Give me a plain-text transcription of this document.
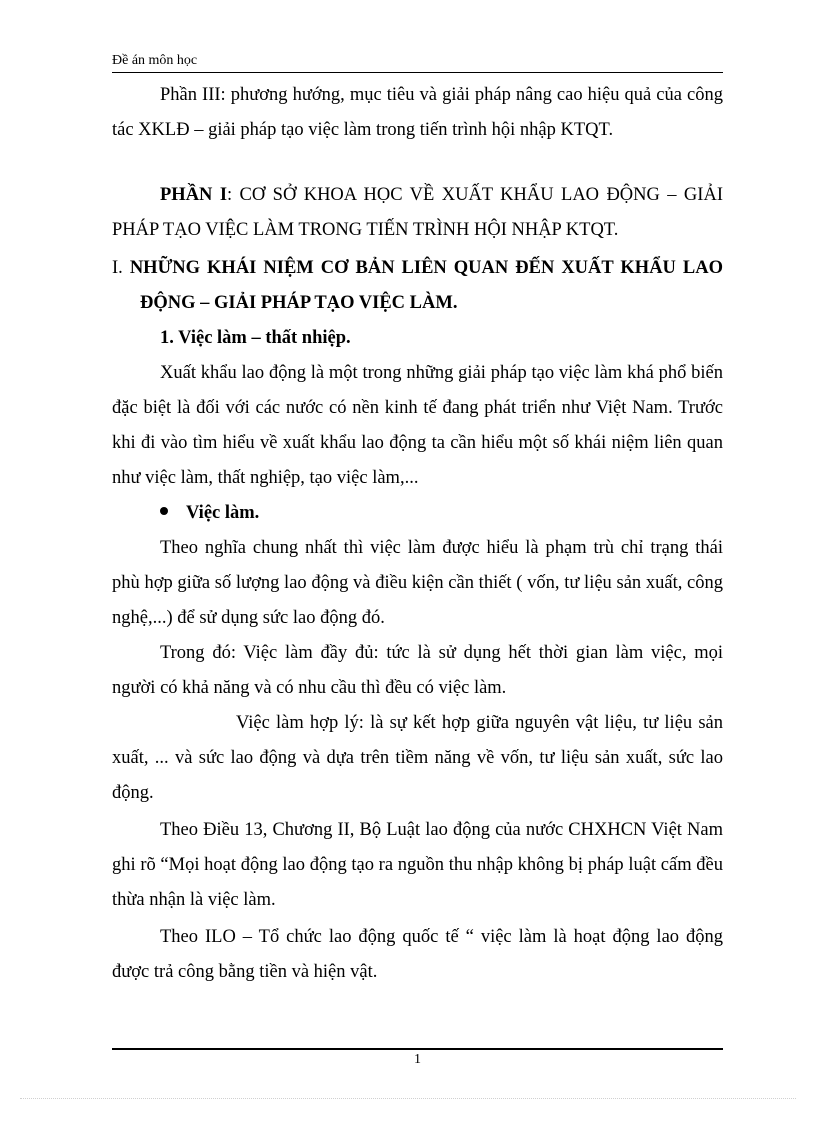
Đề án môn học

Phần III: phương hướng, mục tiêu và giải pháp nâng cao hiệu quả của công tác XKLĐ – giải pháp tạo việc làm trong tiến trình hội nhập KTQT.

PHẦN I: CƠ SỞ KHOA HỌC VỀ XUẤT KHẨU LAO ĐỘNG – GIẢI PHÁP TẠO VIỆC LÀM TRONG TIẾN TRÌNH HỘI NHẬP KTQT.

I. NHỮNG KHÁI NIỆM CƠ BẢN LIÊN QUAN ĐẾN XUẤT KHẨU LAO ĐỘNG – GIẢI PHÁP TẠO VIỆC LÀM.

1. Việc làm – thất nhiệp.

Xuất khẩu lao động là một trong những giải pháp tạo việc làm khá phổ biến đặc biệt là đối với các nước có nền kinh tế đang phát triển như Việt Nam. Trước khi đi vào tìm hiểu về xuất khẩu lao động ta cần hiểu một số khái niệm liên quan như việc làm, thất nghiệp, tạo việc làm,...

Việc làm .

Theo nghĩa chung nhất thì việc làm được hiểu là phạm trù chỉ trạng thái phù hợp giữa số lượng lao động và điều kiện cần thiết ( vốn, tư liệu sản xuất, công nghệ,...) để sử dụng sức lao động đó.

Trong đó: Việc làm đầy đủ: tức là sử dụng hết thời gian làm việc, mọi người có khả năng và có nhu cầu thì đều có việc làm.

Việc làm hợp lý: là sự kết hợp giữa nguyên vật liệu, tư liệu sản xuất, ... và sức lao động và dựa trên tiềm năng về vốn, tư liệu sản xuất, sức lao động.

Theo Điều 13, Chương II, Bộ Luật lao động của nước CHXHCN Việt Nam ghi rõ “Mọi hoạt động lao động tạo ra nguồn thu nhập không bị pháp luật cấm đều thừa nhận là việc làm.

Theo ILO – Tổ chức lao động quốc tế “ việc làm là hoạt động lao động được trả công bằng tiền và hiện vật.

1
